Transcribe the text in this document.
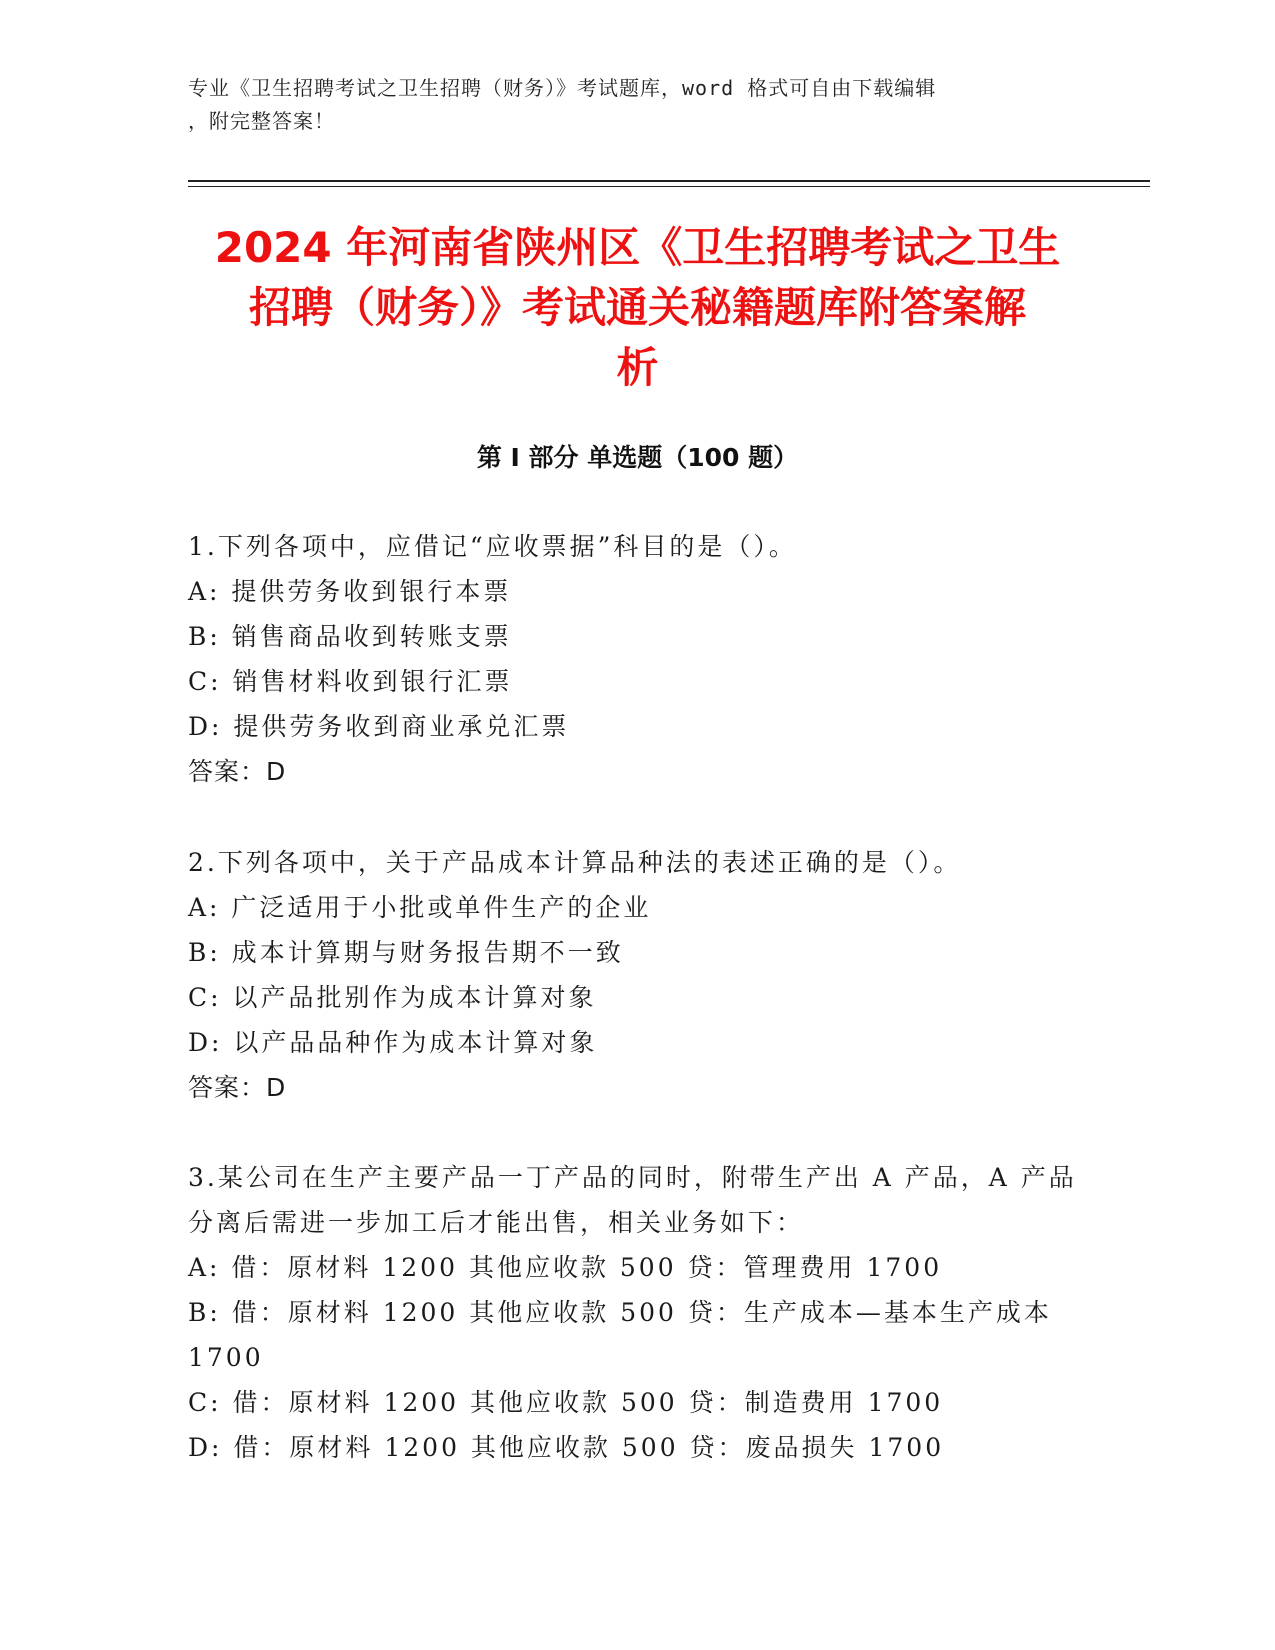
专业《卫生招聘考试之卫生招聘（财务）》考试题库，word 格式可自由下载编辑
，附完整答案！
2024 年河南省陕州区《卫生招聘考试之卫生
招聘（财务）》考试通关秘籍题库附答案解
析
第 I 部分 单选题（100 题）
1.下列各项中，应借记“应收票据”科目的是（）。
A: 提供劳务收到银行本票
B: 销售商品收到转账支票
C: 销售材料收到银行汇票
D: 提供劳务收到商业承兑汇票
答案：D
2.下列各项中，关于产品成本计算品种法的表述正确的是（）。
A: 广泛适用于小批或单件生产的企业
B: 成本计算期与财务报告期不一致
C: 以产品批别作为成本计算对象
D: 以产品品种作为成本计算对象
答案：D
3.某公司在生产主要产品一丁产品的同时，附带生产出 A 产品，A 产品
分离后需进一步加工后才能出售，相关业务如下：
A: 借：原材料 1200 其他应收款 500 贷：管理费用 1700
B: 借：原材料 1200 其他应收款 500 贷：生产成本—基本生产成本
1700
C: 借：原材料 1200 其他应收款 500 贷：制造费用 1700
D: 借：原材料 1200 其他应收款 500 贷：废品损失 1700
